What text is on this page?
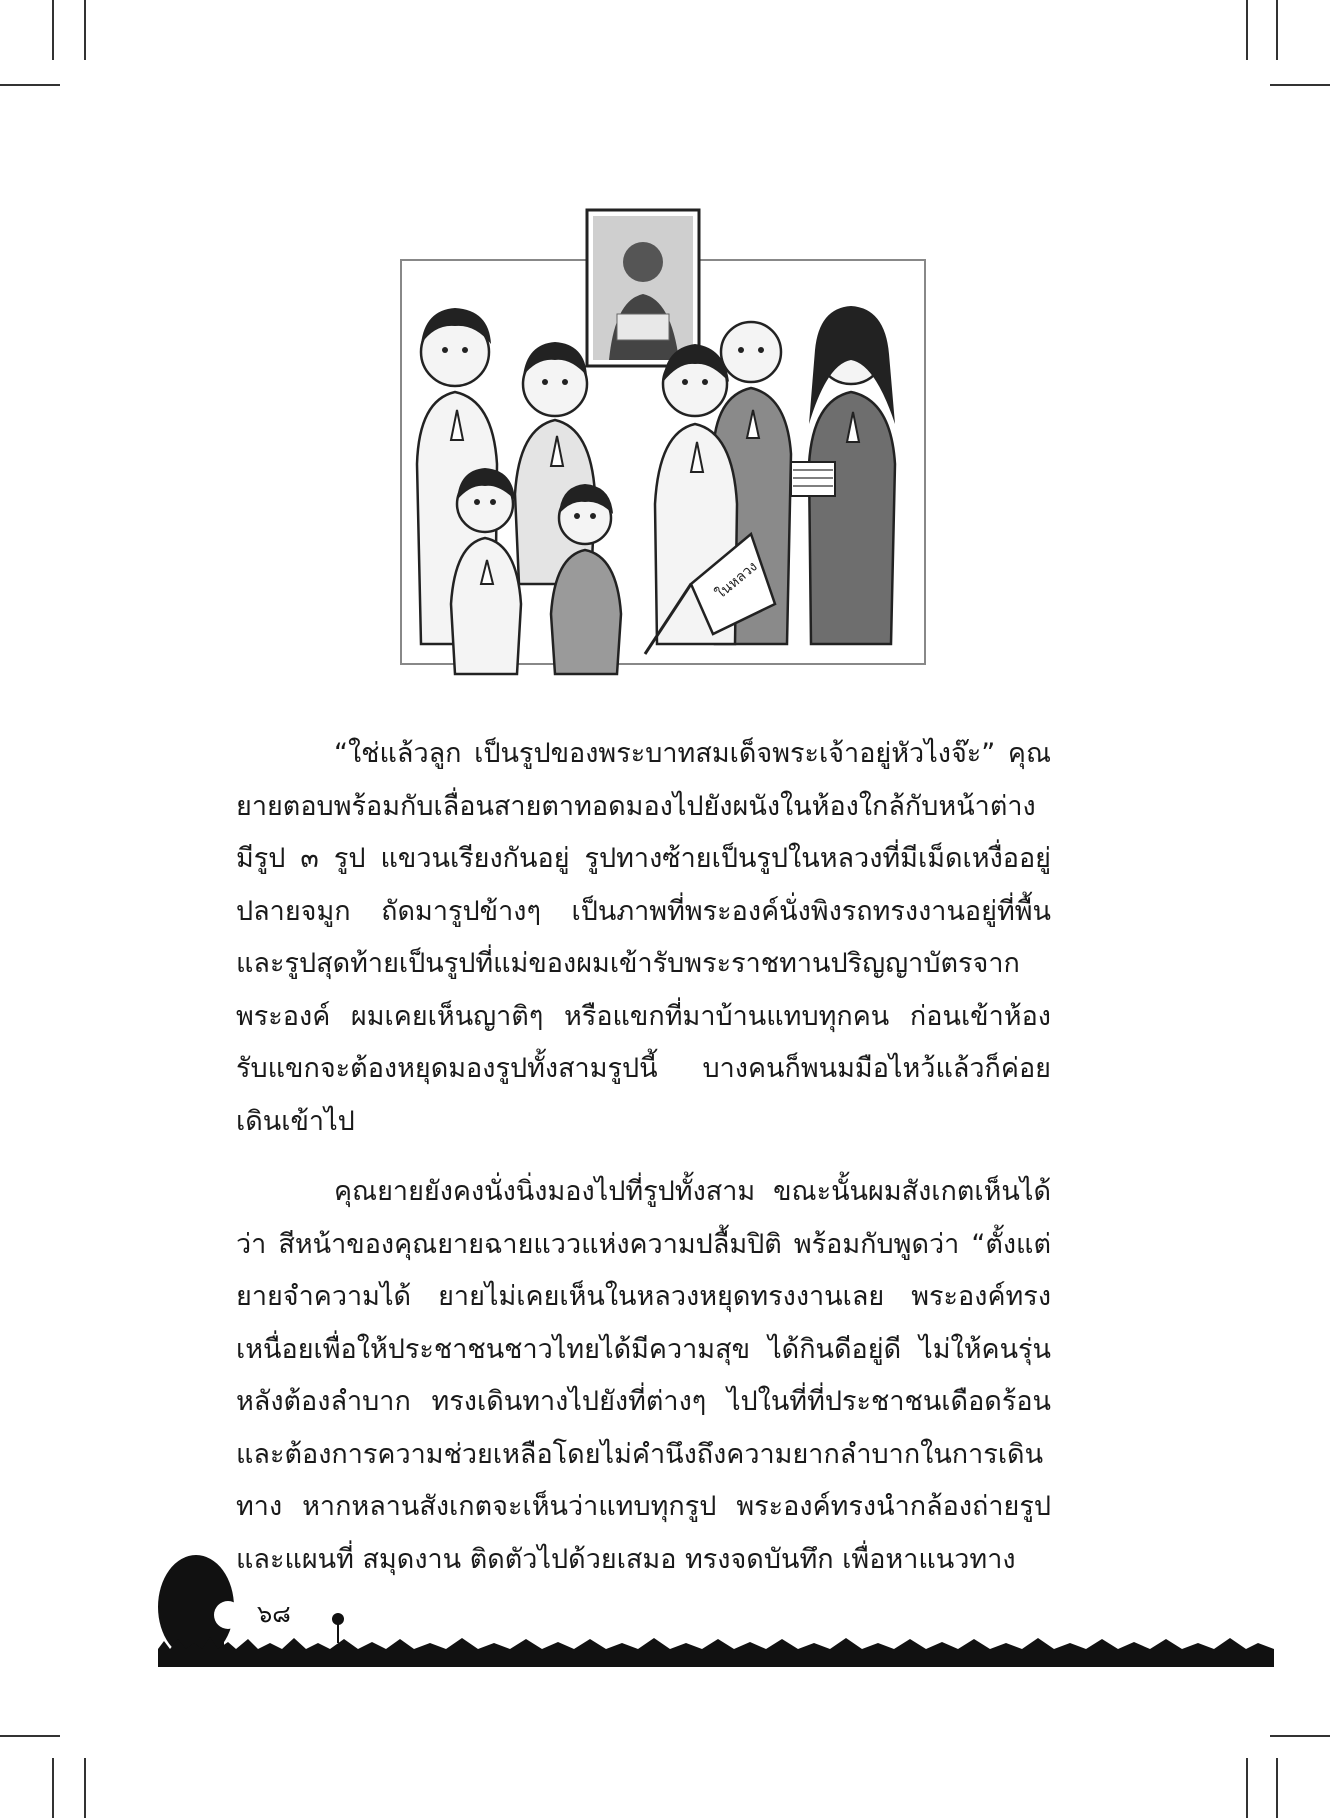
ในหลวง

“ใช่แล้วลูก เป็นรูปของพระบาทสมเด็จพระเจ้าอยู่หัวไงจ๊ะ” คุณยายตอบพร้อมกับเลื่อนสายตาทอดมองไปยังผนังในห้องใกล้กับหน้าต่าง มีรูป ๓ รูป แขวนเรียงกันอยู่ รูปทางซ้ายเป็นรูปในหลวงที่มีเม็ดเหงื่ออยู่ปลายจมูก ถัดมารูปข้างๆ เป็นภาพที่พระองค์นั่งพิงรถทรงงานอยู่ที่พื้น และรูปสุดท้ายเป็นรูปที่แม่ของผมเข้ารับพระราชทานปริญญาบัตรจากพระองค์ ผมเคยเห็นญาติๆ หรือแขกที่มาบ้านแทบทุกคน ก่อนเข้าห้องรับแขกจะต้องหยุดมองรูปทั้งสามรูปนี้ บางคนก็พนมมือไหว้แล้วก็ค่อยเดินเข้าไป

คุณยายยังคงนั่งนิ่งมองไปที่รูปทั้งสาม ขณะนั้นผมสังเกตเห็นได้ว่า สีหน้าของคุณยายฉายแววแห่งความปลื้มปิติ พร้อมกับพูดว่า “ตั้งแต่ยายจำความได้ ยายไม่เคยเห็นในหลวงหยุดทรงงานเลย พระองค์ทรงเหนื่อยเพื่อให้ประชาชนชาวไทยได้มีความสุข ได้กินดีอยู่ดี ไม่ให้คนรุ่นหลังต้องลำบาก ทรงเดินทางไปยังที่ต่างๆ ไปในที่ที่ประชาชนเดือดร้อนและต้องการความช่วยเหลือโดยไม่คำนึงถึงความยากลำบากในการเดินทาง หากหลานสังเกตจะเห็นว่าแทบทุกรูป พระองค์ทรงนำกล้องถ่ายรูปและแผนที่ สมุดงาน ติดตัวไปด้วยเสมอ ทรงจดบันทึก เพื่อหาแนวทาง

๖๘
